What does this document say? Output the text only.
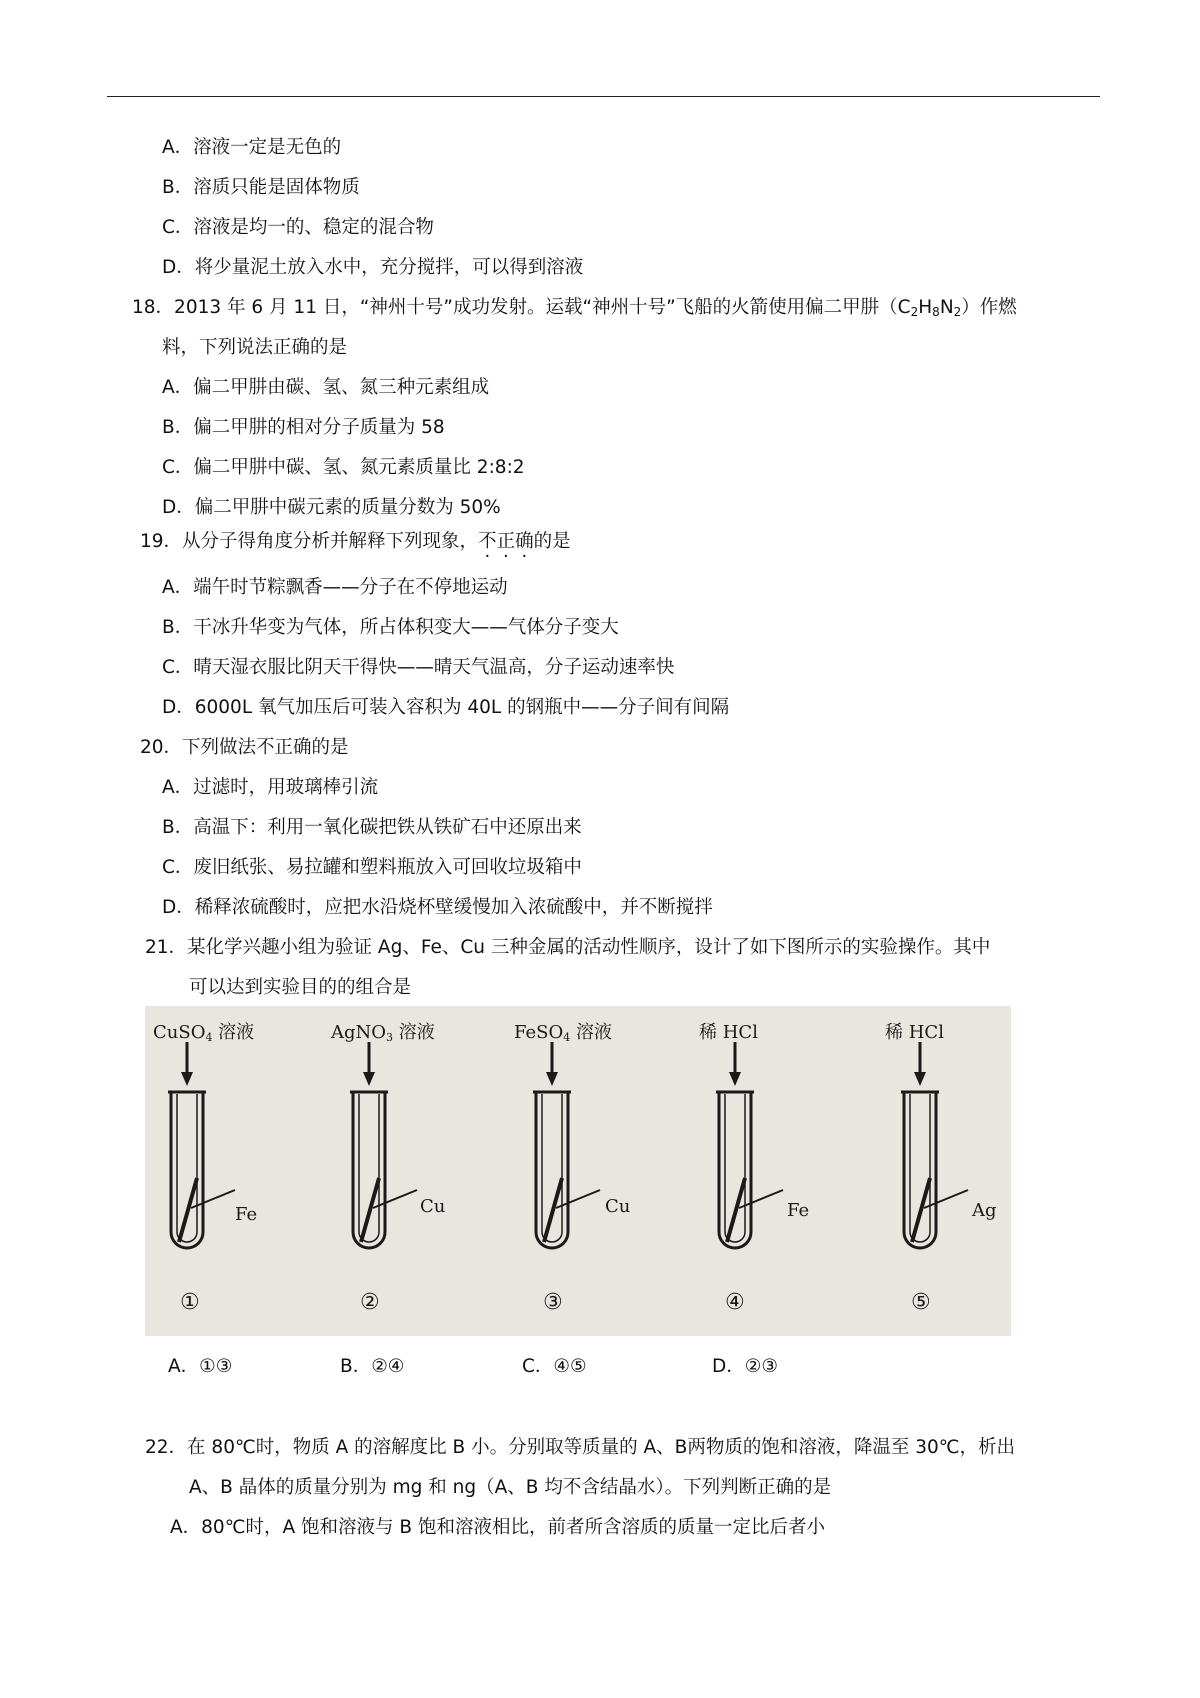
A．溶液一定是无色的
B．溶质只能是固体物质
C．溶液是均一的、稳定的混合物
D．将少量泥土放入水中，充分搅拌，可以得到溶液
18．2013 年 6 月 11 日，“神州十号”成功发射。运载“神州十号”飞船的火箭使用偏二甲肼$(C_2H_8N_2)$作燃
料，下列说法正确的是
A．偏二甲肼由碳、氢、氮三种元素组成
B．偏二甲肼的相对分子质量为 58
C．偏二甲肼中碳、氢、氮元素质量比 2:8:2
D．偏二甲肼中碳元素的质量分数为 50%
19．从分子得角度分析并解释下列现象，不正确的是
A．端午时节粽飘香——分子在不停地运动
B．干冰升华变为气体，所占体积变大——气体分子变大
C．晴天湿衣服比阴天干得快——晴天气温高，分子运动速率快
D．6000L 氧气加压后可装入容积为 40L 的钢瓶中——分子间有间隔
20．下列做法不正确的是
A．过滤时，用玻璃棒引流
B．高温下：利用一氧化碳把铁从铁矿石中还原出来
C．废旧纸张、易拉罐和塑料瓶放入可回收垃圾箱中
D．稀释浓硫酸时，应把水沿烧杯壁缓慢加入浓硫酸中，并不断搅拌
21．某化学兴趣小组为验证 Ag、Fe、Cu 三种金属的活动性顺序，设计了如下图所示的实验操作。其中
可以达到实验目的的组合是
CuSO$_4$ 溶液	AgNO$_3$ 溶液	FeSO$_4$ 溶液	稀 HCl	稀 HCl
Fe	Cu	Cu	Fe	Ag
①	②	③	④	⑤
A．①③	B．②④	C．④⑤	D．②③
22．在 80℃时，物质 A 的溶解度比 B 小。分别取等质量的 A、B两物质的饱和溶液，降温至 30℃，析出
A、B 晶体的质量分别为 mg 和 ng（A、B 均不含结晶水）。下列判断正确的是
A．80℃时，A 饱和溶液与 B 饱和溶液相比，前者所含溶质的质量一定比后者小
